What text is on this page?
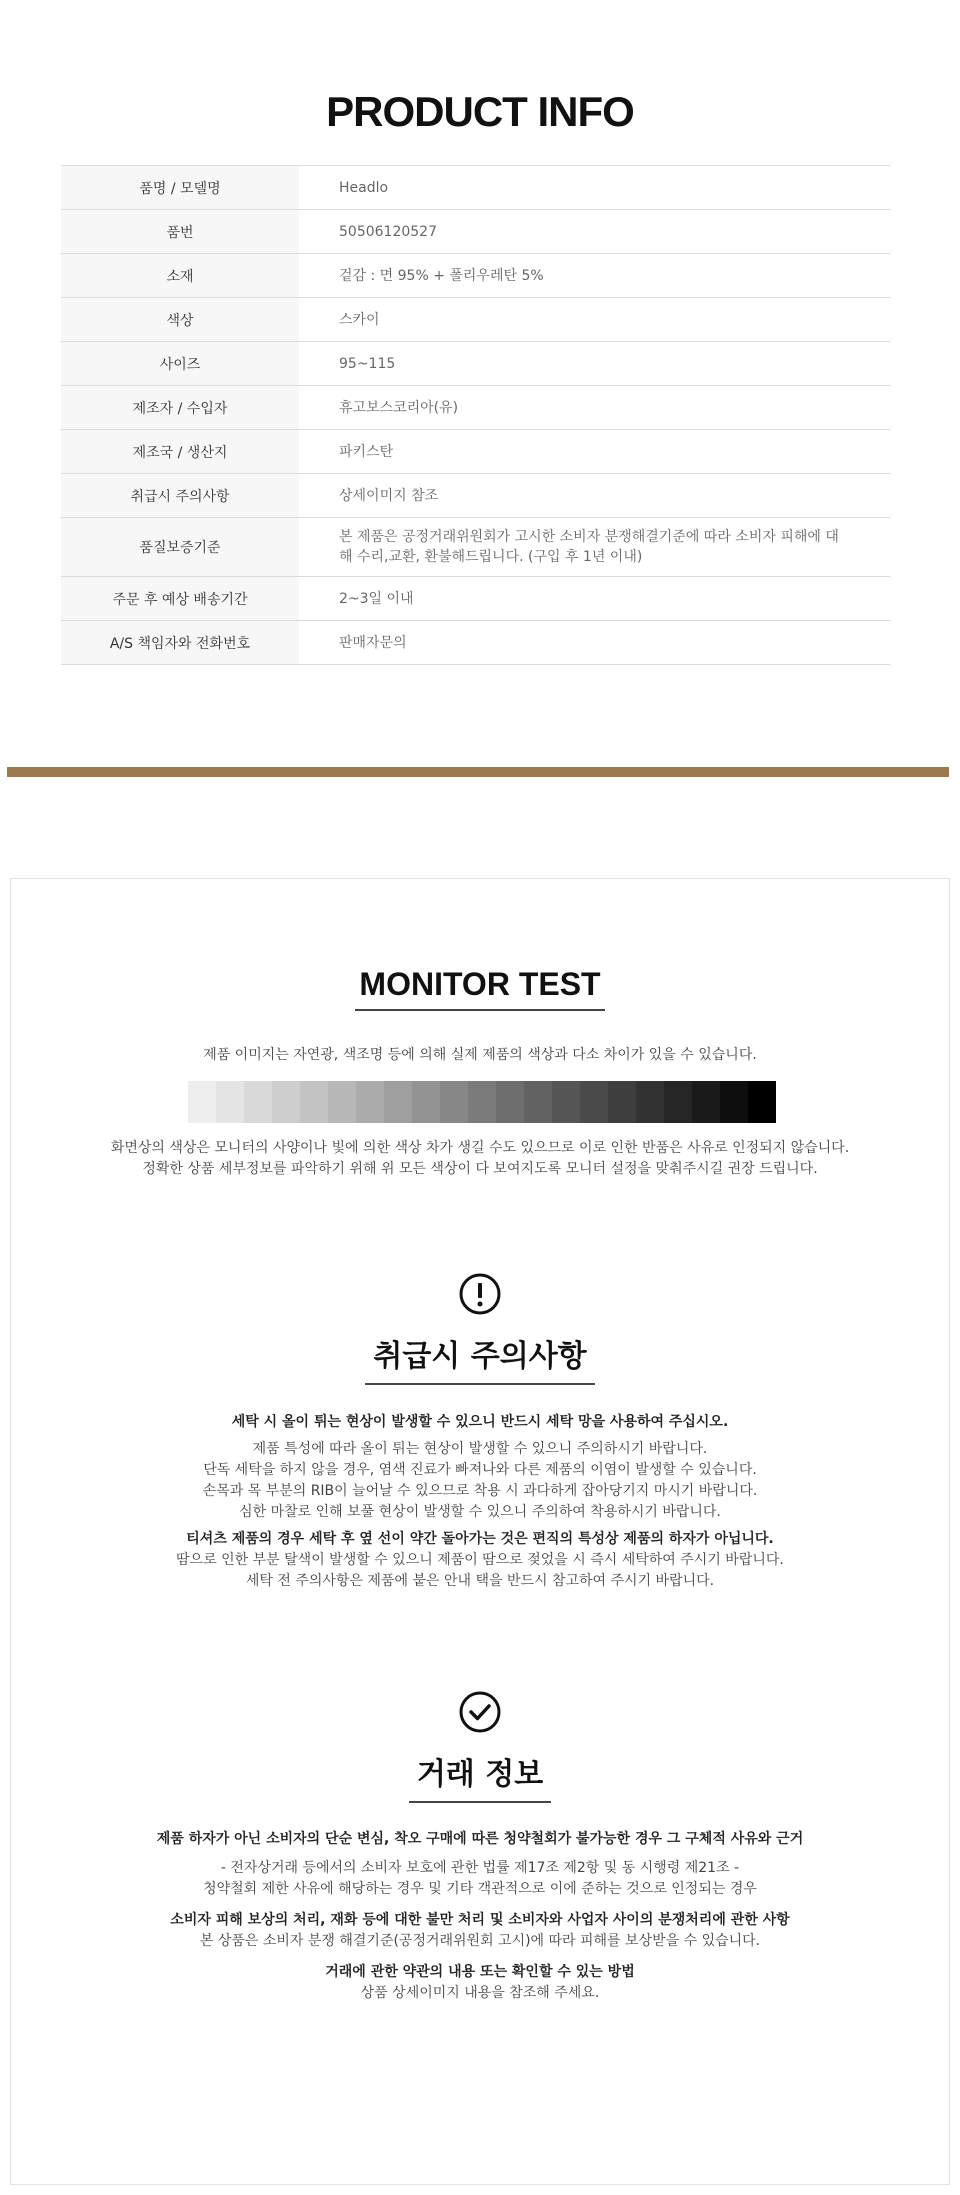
PRODUCT INFO
품명 / 모델명	Headlo
품번	50506120527
소재	겉감 : 면 95% + 폴리우레탄 5%
색상	스카이
사이즈	95~115
제조자 / 수입자	휴고보스코리아(유)
제조국 / 생산지	파키스탄
취급시 주의사항	상세이미지 참조
품질보증기준	본 제품은 공정거래위원회가 고시한 소비자 분쟁해결기준에 따라 소비자 피해에 대해 수리,교환, 환불해드립니다. (구입 후 1년 이내)
주문 후 예상 배송기간	2~3일 이내
A/S 책임자와 전화번호	판매자문의
MONITOR TEST

제품 이미지는 자연광, 색조명 등에 의해 실제 제품의 색상과 다소 차이가 있을 수 있습니다.

화면상의 색상은 모니터의 사양이나 빛에 의한 색상 차가 생길 수도 있으므로 이로 인한 반품은 사유로 인정되지 않습니다.

정확한 상품 세부정보를 파악하기 위해 위 모든 색상이 다 보여지도록 모니터 설정을 맞춰주시길 권장 드립니다.

취급시 주의사항

세탁 시 올이 튀는 현상이 발생할 수 있으니 반드시 세탁 망을 사용하여 주십시오.

제품 특성에 따라 올이 튀는 현상이 발생할 수 있으니 주의하시기 바랍니다.

단독 세탁을 하지 않을 경우, 염색 진료가 빠져나와 다른 제품의 이염이 발생할 수 있습니다.

손목과 목 부분의 RIB이 늘어날 수 있으므로 착용 시 과다하게 잡아당기지 마시기 바랍니다.

심한 마찰로 인해 보풀 현상이 발생할 수 있으니 주의하여 착용하시기 바랍니다.

티셔츠 제품의 경우 세탁 후 옆 선이 약간 돌아가는 것은 편직의 특성상 제품의 하자가 아닙니다.

땀으로 인한 부분 탈색이 발생할 수 있으니 제품이 땀으로 젖었을 시 즉시 세탁하여 주시기 바랍니다.

세탁 전 주의사항은 제품에 붙은 안내 택을 반드시 참고하여 주시기 바랍니다.

거래 정보

제품 하자가 아닌 소비자의 단순 변심, 착오 구매에 따른 청약철회가 불가능한 경우 그 구체적 사유와 근거

- 전자상거래 등에서의 소비자 보호에 관한 법률 제17조 제2항 및 동 시행령 제21조 -

청약철회 제한 사유에 해당하는 경우 및 기타 객관적으로 이에 준하는 것으로 인정되는 경우

소비자 피해 보상의 처리, 재화 등에 대한 불만 처리 및 소비자와 사업자 사이의 분쟁처리에 관한 사항

본 상품은 소비자 분쟁 해결기준(공정거래위원회 고시)에 따라 피해를 보상받을 수 있습니다.

거래에 관한 약관의 내용 또는 확인할 수 있는 방법

상품 상세이미지 내용을 참조해 주세요.
